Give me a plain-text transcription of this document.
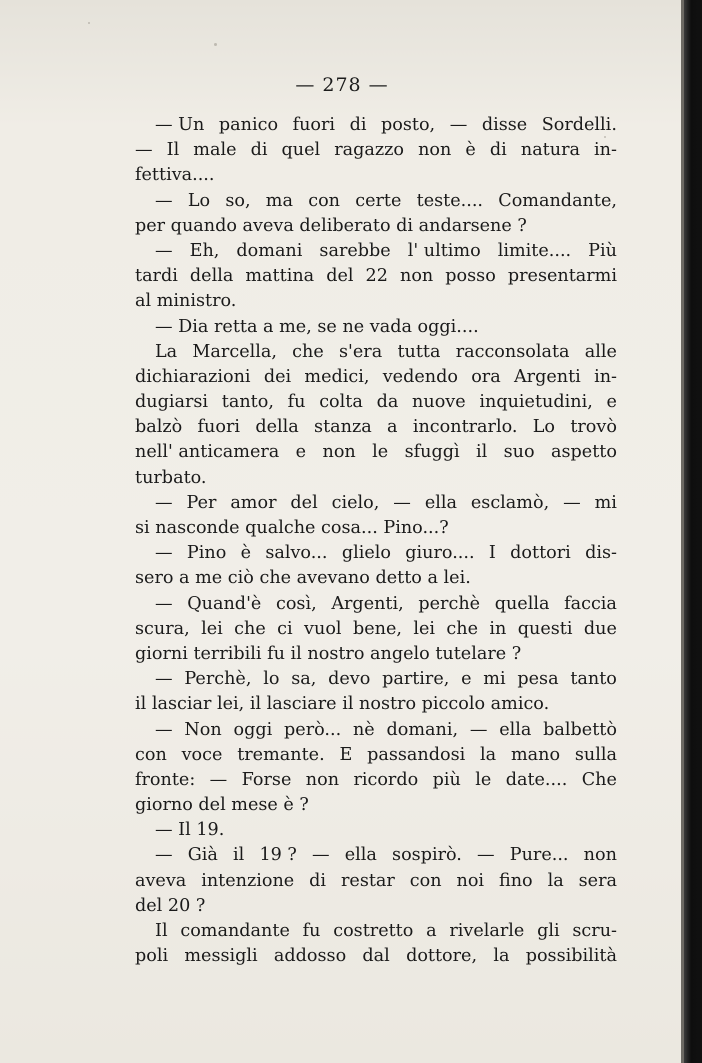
— 278 —
— Un panico fuori di posto, — disse Sordelli.
— Il male di quel ragazzo non è di natura in-
fettiva....
— Lo so, ma con certe teste.... Comandante,
per quando aveva deliberato di andarsene ?
— Eh, domani sarebbe l' ultimo limite.... Più
tardi della mattina del 22 non posso presentarmi
al ministro.
— Dia retta a me, se ne vada oggi....
La Marcella, che s'era tutta racconsolata alle
dichiarazioni dei medici, vedendo ora Argenti in-
dugiarsi tanto, fu colta da nuove inquietudini, e
balzò fuori della stanza a incontrarlo. Lo trovò
nell' anticamera e non le sfuggì il suo aspetto
turbato.
— Per amor del cielo, — ella esclamò, — mi
si nasconde qualche cosa... Pino...?
— Pino è salvo... glielo giuro.... I dottori dis-
sero a me ciò che avevano detto a lei.
— Quand'è così, Argenti, perchè quella faccia
scura, lei che ci vuol bene, lei che in questi due
giorni terribili fu il nostro angelo tutelare ?
— Perchè, lo sa, devo partire, e mi pesa tanto
il lasciar lei, il lasciare il nostro piccolo amico.
— Non oggi però... nè domani, — ella balbettò
con voce tremante. E passandosi la mano sulla
fronte: — Forse non ricordo più le date.... Che
giorno del mese è ?
— Il 19.
— Già il 19 ? — ella sospirò. — Pure... non
aveva intenzione di restar con noi fino la sera
del 20 ?
Il comandante fu costretto a rivelarle gli scru-
poli messigli addosso dal dottore, la possibilità
